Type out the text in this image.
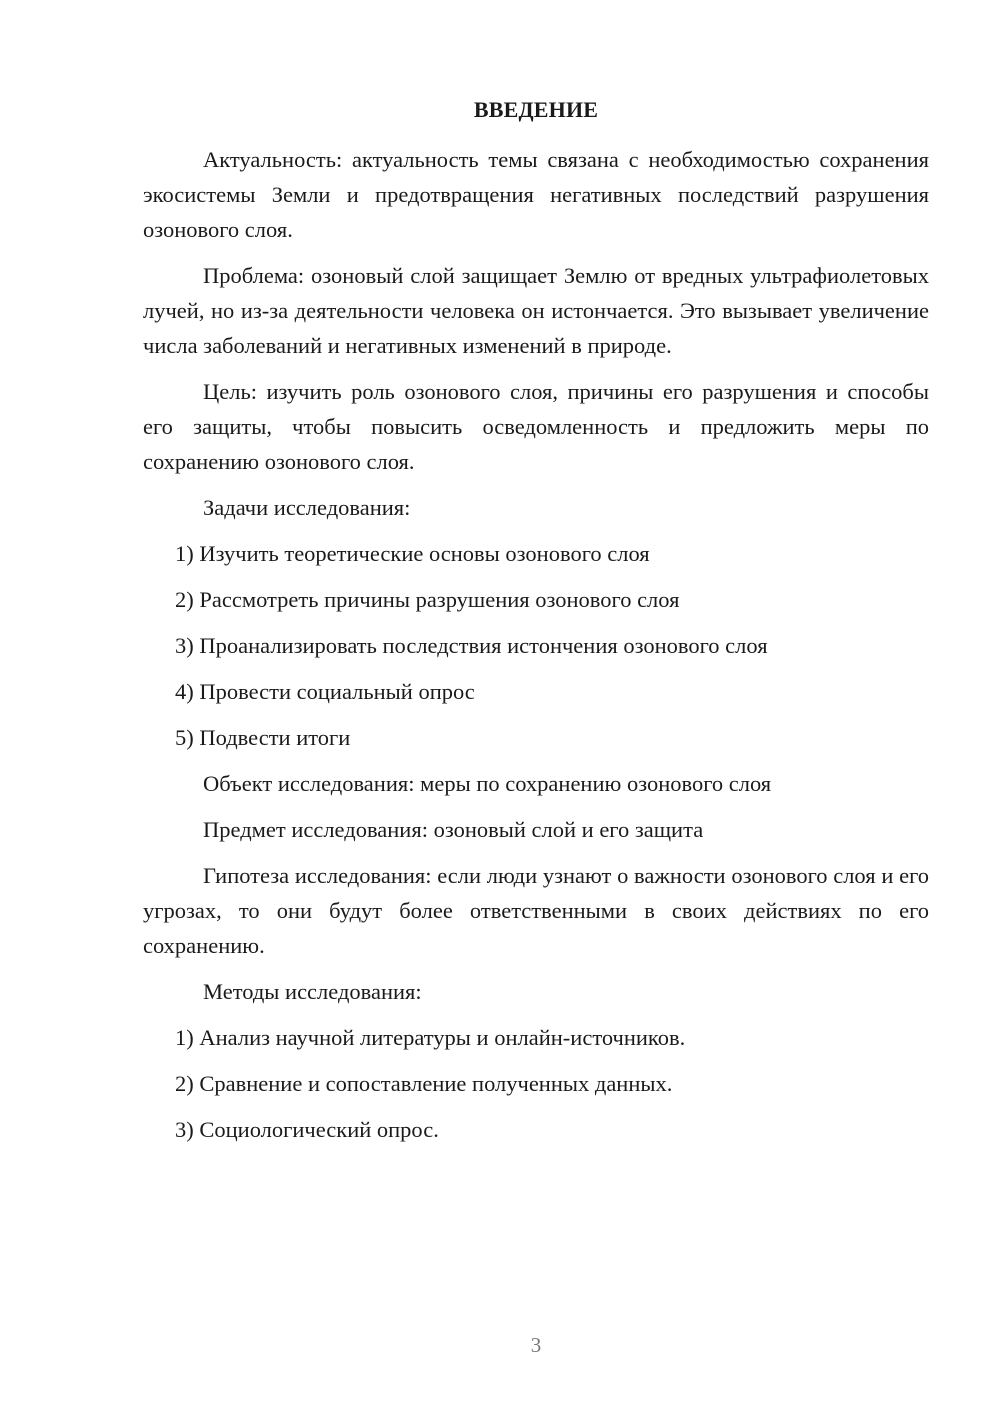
ВВЕДЕНИЕ

Актуальность: актуальность темы связана с необходимостью сохранения экосистемы Земли и предотвращения негативных последствий разрушения озонового слоя.

Проблема: озоновый слой защищает Землю от вредных ультрафиолетовых лучей, но из-за деятельности человека он истончается. Это вызывает увеличение числа заболеваний и негативных изменений в природе.

Цель: изучить роль озонового слоя, причины его разрушения и способы его защиты, чтобы повысить осведомленность и предложить меры по сохранению озонового слоя.

Задачи исследования:

1) Изучить теоретические основы озонового слоя

2) Рассмотреть причины разрушения озонового слоя

3) Проанализировать последствия истончения озонового слоя

4) Провести социальный опрос

5) Подвести итоги

Объект исследования: меры по сохранению озонового слоя

Предмет исследования: озоновый слой и его защита

Гипотеза исследования: если люди узнают о важности озонового слоя и его угрозах, то они будут более ответственными в своих действиях по его сохранению.

Методы исследования:

1) Анализ научной литературы и онлайн-источников.

2) Сравнение и сопоставление полученных данных.

3) Социологический опрос.

3
